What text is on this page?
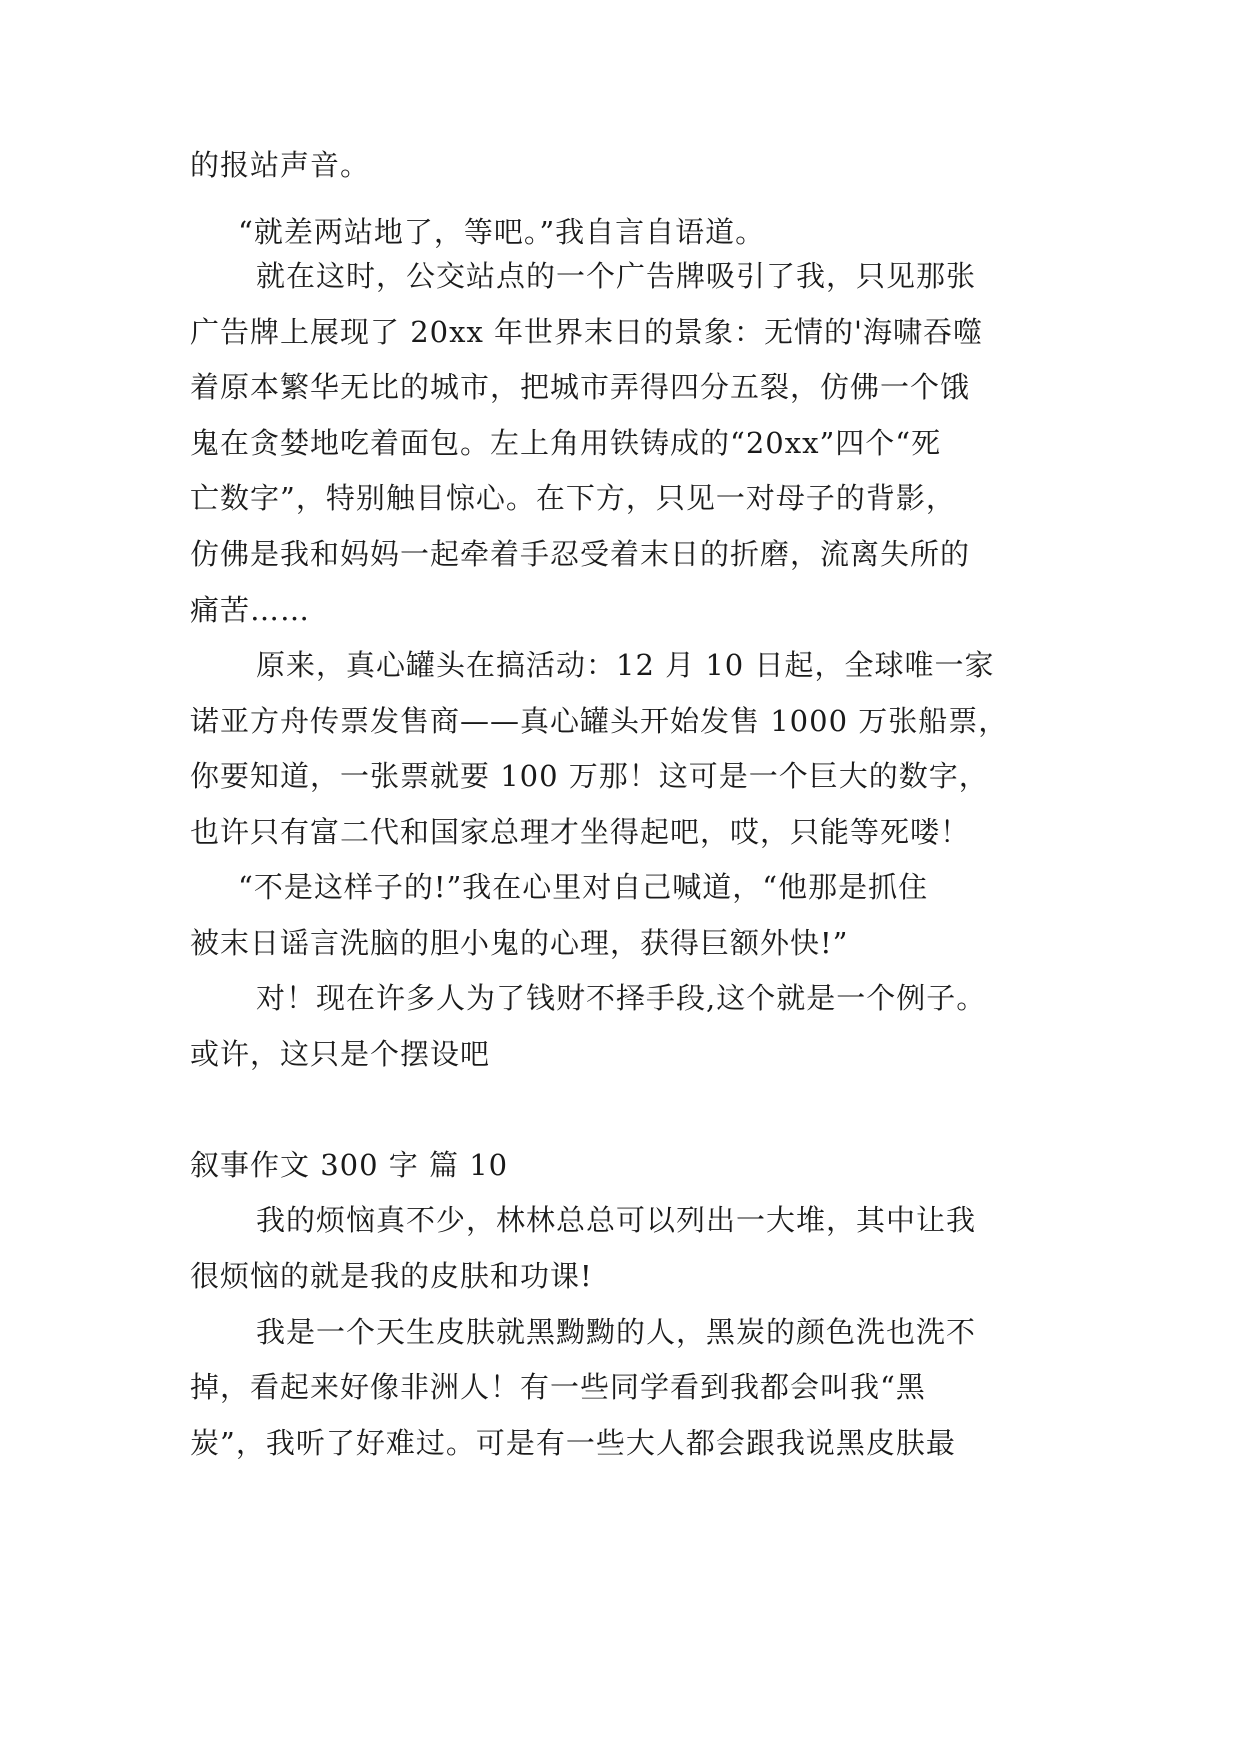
的报站声音。
“就差两站地了，等吧。”我自言自语道。
就在这时，公交站点的一个广告牌吸引了我，只见那张
广告牌上展现了 20xx 年世界末日的景象：无情的'海啸吞噬
着原本繁华无比的城市，把城市弄得四分五裂，仿佛一个饿
鬼在贪婪地吃着面包。左上角用铁铸成的“20xx”四个“死
亡数字”，特别触目惊心。在下方，只见一对母子的背影，
仿佛是我和妈妈一起牵着手忍受着末日的折磨，流离失所的
痛苦……
原来，真心罐头在搞活动：12 月 10 日起，全球唯一家
诺亚方舟传票发售商——真心罐头开始发售 1000 万张船票，
你要知道，一张票就要 100 万那！这可是一个巨大的数字，
也许只有富二代和国家总理才坐得起吧，哎，只能等死喽！
“不是这样子的!”我在心里对自己喊道，“他那是抓住
被末日谣言洗脑的胆小鬼的心理，获得巨额外快!”
对！现在许多人为了钱财不择手段,这个就是一个例子。
或许，这只是个摆设吧
叙事作文 300 字 篇 10
我的烦恼真不少，林林总总可以列出一大堆，其中让我
很烦恼的就是我的皮肤和功课!
我是一个天生皮肤就黑黝黝的人，黑炭的颜色洗也洗不
掉，看起来好像非洲人！有一些同学看到我都会叫我“黑
炭”，我听了好难过。可是有一些大人都会跟我说黑皮肤最
